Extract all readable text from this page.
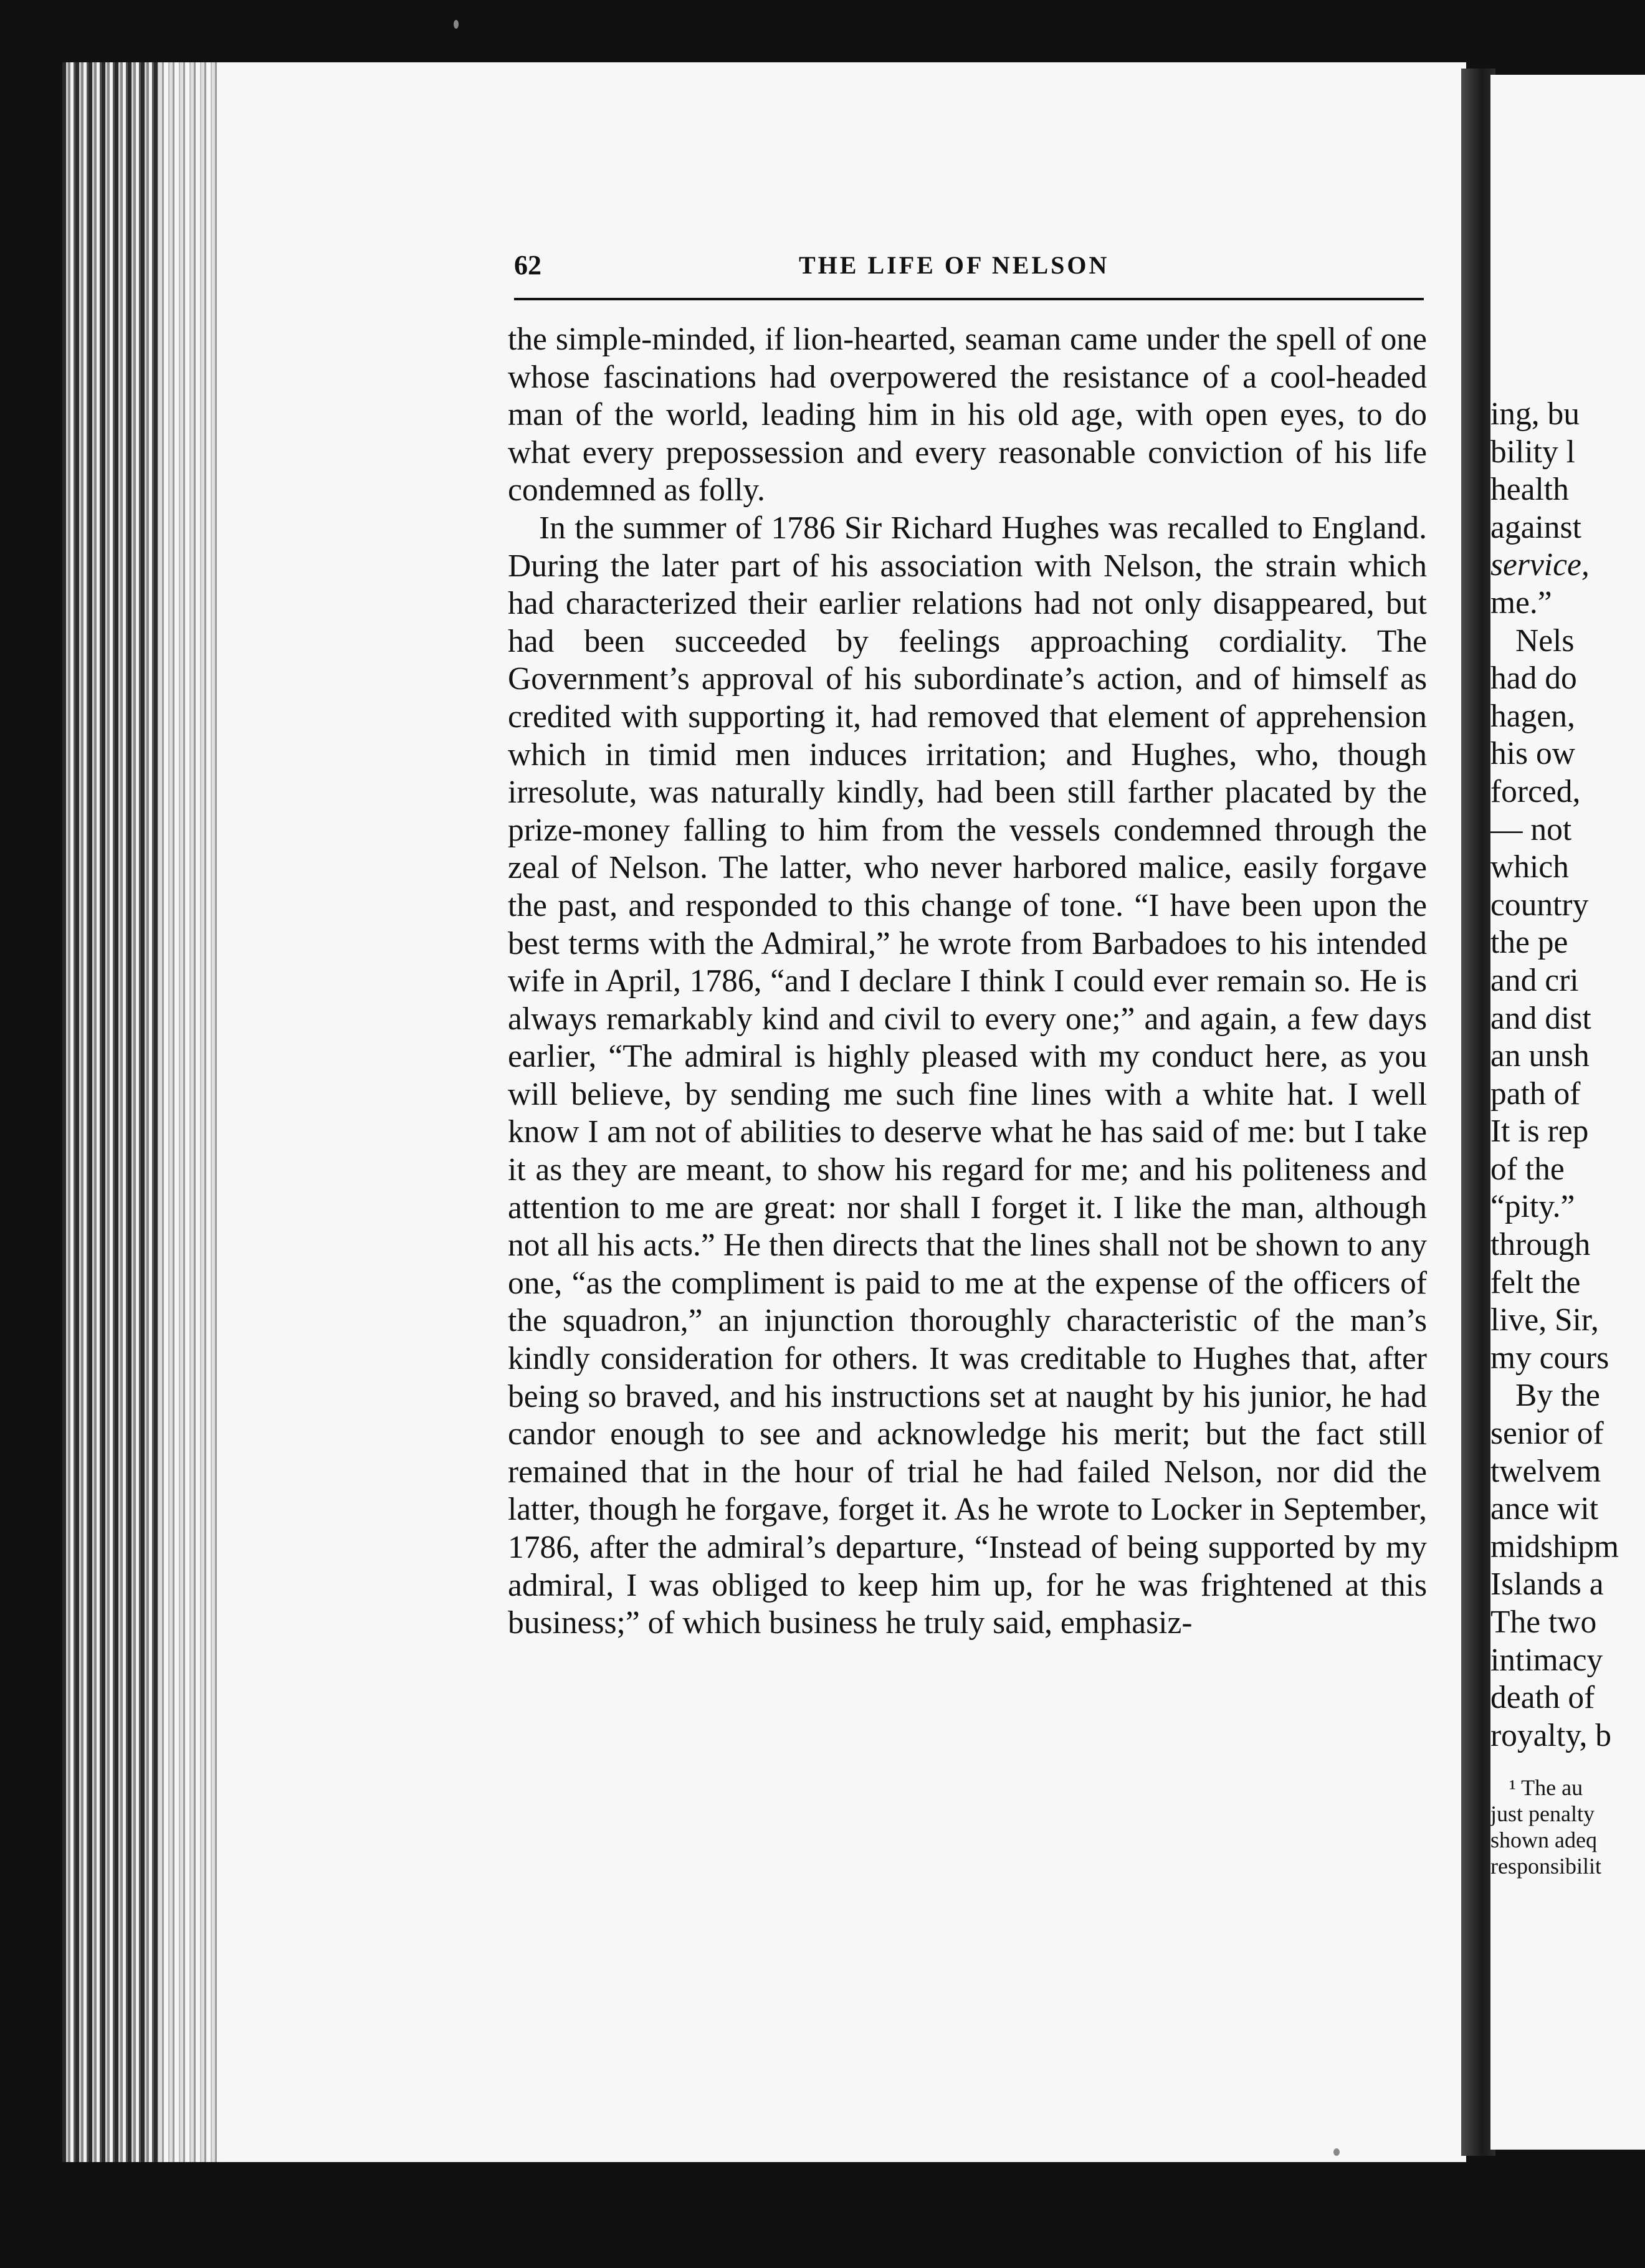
ing, bu
bility l
health
against
service,
me.”
Nels
had do
hagen,
his ow
forced,
— not
which
country
the pe
and cri
and dist
an unsh
path of
It is rep
of the
“pity.”
through
felt the
live, Sir,
my cours
By the
senior of
twelvem
ance wit
midshipm
Islands a
The two
intimacy
death of
royalty, b
¹ The au
just penalty
shown adeq
responsibilit
62	THE LIFE OF NELSON

the simple-minded, if lion-hearted, seaman came under the spell of one whose fascinations had overpowered the resistance of a cool-headed man of the world, leading him in his old age, with open eyes, to do what every prepossession and every reasonable conviction of his life condemned as folly.

In the summer of 1786 Sir Richard Hughes was recalled to England. During the later part of his association with Nelson, the strain which had characterized their earlier relations had not only disappeared, but had been succeeded by feelings approaching cordiality. The Government’s approval of his subordinate’s action, and of himself as credited with supporting it, had removed that element of apprehension which in timid men induces irritation; and Hughes, who, though irresolute, was naturally kindly, had been still farther placated by the prize-money falling to him from the vessels condemned through the zeal of Nelson. The latter, who never harbored malice, easily forgave the past, and responded to this change of tone. “I have been upon the best terms with the Admiral,” he wrote from Barbadoes to his intended wife in April, 1786, “and I declare I think I could ever remain so. He is always remarkably kind and civil to every one;” and again, a few days earlier, “The admiral is highly pleased with my conduct here, as you will believe, by sending me such fine lines with a white hat. I well know I am not of abilities to deserve what he has said of me: but I take it as they are meant, to show his regard for me; and his politeness and attention to me are great: nor shall I forget it. I like the man, although not all his acts.” He then directs that the lines shall not be shown to any one, “as the compliment is paid to me at the expense of the officers of the squadron,” an injunction thoroughly characteristic of the man’s kindly consideration for others. It was creditable to Hughes that, after being so braved, and his instructions set at naught by his junior, he had candor enough to see and acknowledge his merit; but the fact still remained that in the hour of trial he had failed Nelson, nor did the latter, though he forgave, forget it. As he wrote to Locker in September, 1786, after the admiral’s departure, “Instead of being supported by my admiral, I was obliged to keep him up, for he was frightened at this business;” of which business he truly said, emphasiz-
